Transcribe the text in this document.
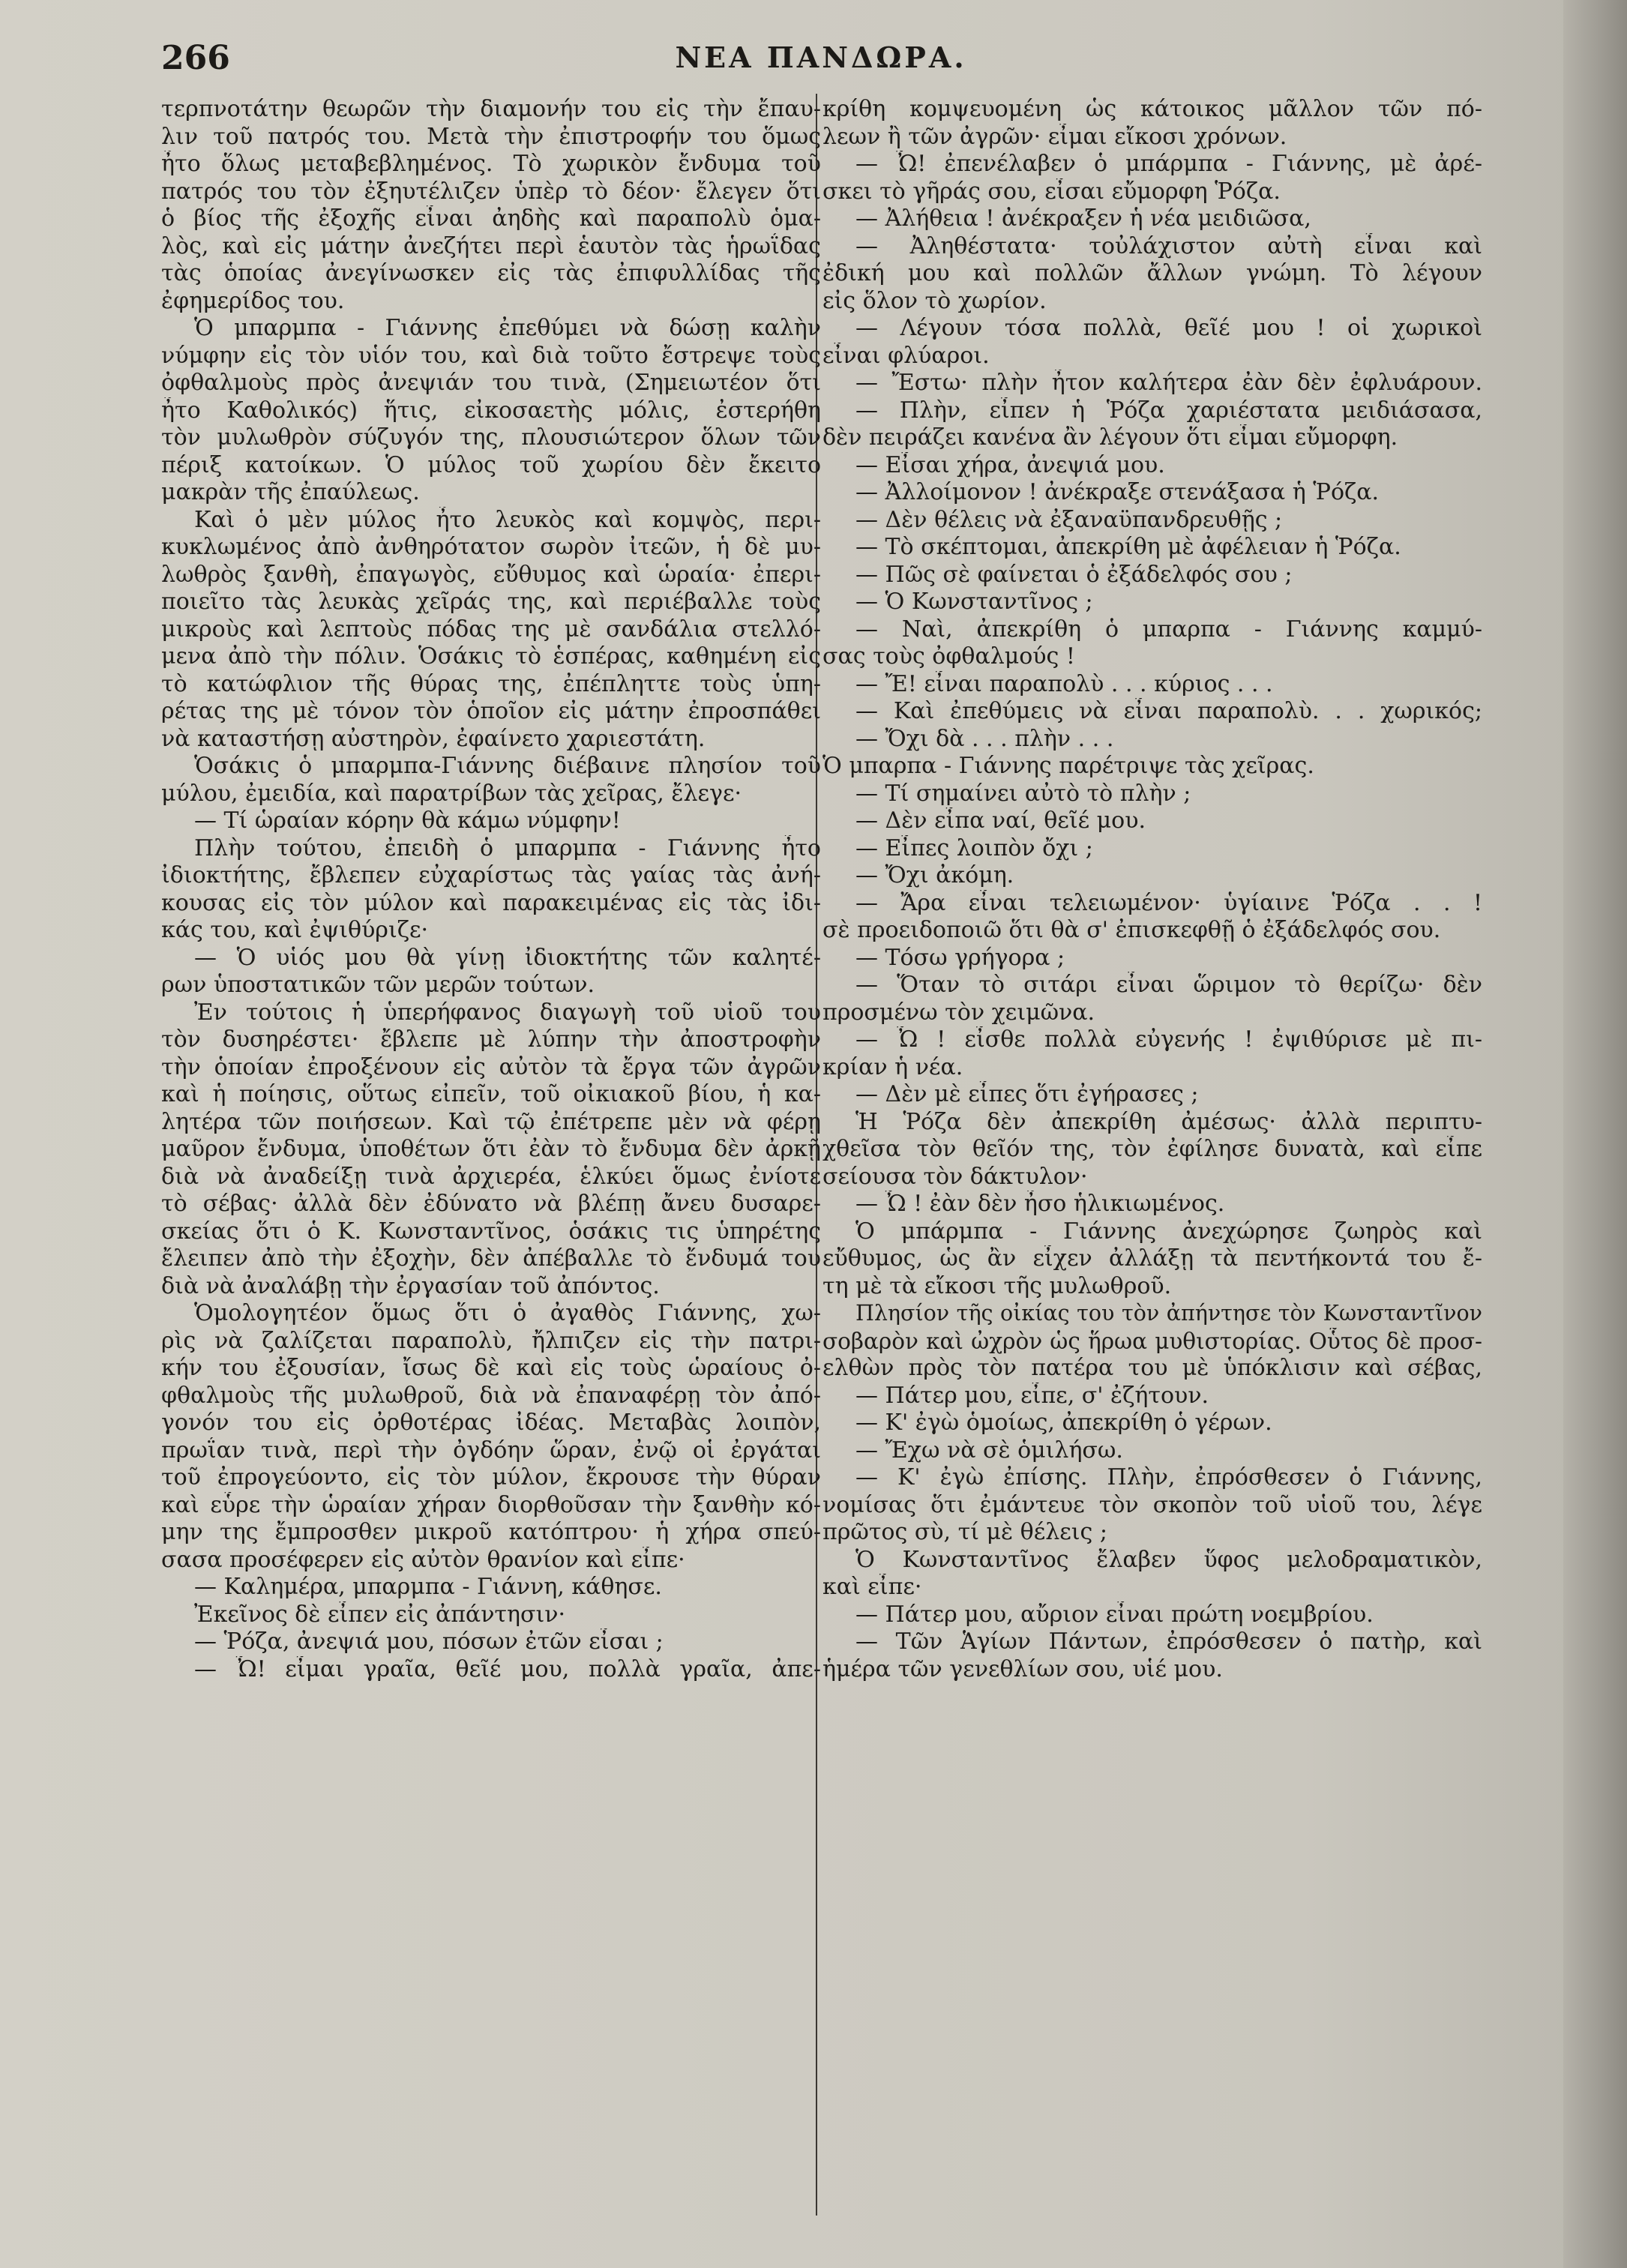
266	ΝΕΑ ΠΑΝΔΩΡΑ.
τερπνοτάτην θεωρῶν τὴν διαμονήν του εἰς τὴν ἔπαυ-
λιν τοῦ πατρός του. Μετὰ τὴν ἐπιστροφήν του ὅμως
ἦτο ὅλως μεταβεβλημένος. Τὸ χωρικὸν ἔνδυμα τοῦ
πατρός του τὸν ἐξηυτέλιζεν ὑπὲρ τὸ δέον· ἔλεγεν ὅτι
ὁ βίος τῆς ἐξοχῆς εἶναι ἀηδὴς καὶ παραπολὺ ὁμα-
λὸς, καὶ εἰς μάτην ἀνεζήτει περὶ ἑαυτὸν τὰς ἡρωΐδας
τὰς ὁποίας ἀνεγίνωσκεν εἰς τὰς ἐπιφυλλίδας τῆς
ἐφημερίδος του.
Ὁ μπαρμπα - Γιάννης ἐπεθύμει νὰ δώσῃ καλὴν
νύμφην εἰς τὸν υἱόν του, καὶ διὰ τοῦτο ἔστρεψε τοὺς
ὀφθαλμοὺς πρὸς ἀνεψιάν του τινὰ, (Σημειωτέον ὅτι
ἦτο Καθολικός) ἥτις, εἰκοσαετὴς μόλις, ἐστερήθη
τὸν μυλωθρὸν σύζυγόν της, πλουσιώτερον ὅλων τῶν
πέριξ κατοίκων. Ὁ μύλος τοῦ χωρίου δὲν ἔκειτο
μακρὰν τῆς ἐπαύλεως.
Καὶ ὁ μὲν μύλος ἦτο λευκὸς καὶ κομψὸς, περι-
κυκλωμένος ἀπὸ ἀνθηρότατον σωρὸν ἰτεῶν, ἡ δὲ μυ-
λωθρὸς ξανθὴ, ἐπαγωγὸς, εὔθυμος καὶ ὡραία· ἐπερι-
ποιεῖτο τὰς λευκὰς χεῖράς της, καὶ περιέβαλλε τοὺς
μικροὺς καὶ λεπτοὺς πόδας της μὲ σανδάλια στελλό-
μενα ἀπὸ τὴν πόλιν. Ὁσάκις τὸ ἑσπέρας, καθημένη εἰς
τὸ κατώφλιον τῆς θύρας της, ἐπέπληττε τοὺς ὑπη-
ρέτας της μὲ τόνον τὸν ὁποῖον εἰς μάτην ἐπροσπάθει
νὰ καταστήσῃ αὐστηρὸν, ἐφαίνετο χαριεστάτη.
Ὁσάκις ὁ μπαρμπα-Γιάννης διέβαινε πλησίον τοῦ
μύλου, ἐμειδία, καὶ παρατρίβων τὰς χεῖρας, ἔλεγε·
— Τί ὡραίαν κόρην θὰ κάμω νύμφην!
Πλὴν τούτου, ἐπειδὴ ὁ μπαρμπα - Γιάννης ἦτο
ἰδιοκτήτης, ἔβλεπεν εὐχαρίστως τὰς γαίας τὰς ἀνή-
κουσας εἰς τὸν μύλον καὶ παρακειμένας εἰς τὰς ἰδι-
κάς του, καὶ ἐψιθύριζε·
— Ὁ υἱός μου θὰ γίνῃ ἰδιοκτήτης τῶν καλητέ-
ρων ὑποστατικῶν τῶν μερῶν τούτων.
Ἐν τούτοις ἡ ὑπερήφανος διαγωγὴ τοῦ υἱοῦ του
τὸν δυσηρέστει· ἔβλεπε μὲ λύπην τὴν ἀποστροφὴν
τὴν ὁποίαν ἐπροξένουν εἰς αὐτὸν τὰ ἔργα τῶν ἀγρῶν
καὶ ἡ ποίησις, οὕτως εἰπεῖν, τοῦ οἰκιακοῦ βίου, ἡ κα-
λητέρα τῶν ποιήσεων. Καὶ τῷ ἐπέτρεπε μὲν νὰ φέρῃ
μαῦρον ἔνδυμα, ὑποθέτων ὅτι ἐὰν τὸ ἔνδυμα δὲν ἀρκῇ
διὰ νὰ ἀναδείξῃ τινὰ ἀρχιερέα, ἑλκύει ὅμως ἐνίοτε
τὸ σέβας· ἀλλὰ δὲν ἐδύνατο νὰ βλέπῃ ἄνευ δυσαρε-
σκείας ὅτι ὁ Κ. Κωνσταντῖνος, ὁσάκις τις ὑπηρέτης
ἔλειπεν ἀπὸ τὴν ἐξοχὴν, δὲν ἀπέβαλλε τὸ ἔνδυμά του
διὰ νὰ ἀναλάβῃ τὴν ἐργασίαν τοῦ ἀπόντος.
Ὁμολογητέον ὅμως ὅτι ὁ ἀγαθὸς Γιάννης, χω-
ρὶς νὰ ζαλίζεται παραπολὺ, ἤλπιζεν εἰς τὴν πατρι-
κήν του ἐξουσίαν, ἴσως δὲ καὶ εἰς τοὺς ὡραίους ὀ-
φθαλμοὺς τῆς μυλωθροῦ, διὰ νὰ ἐπαναφέρῃ τὸν ἀπό-
γονόν του εἰς ὀρθοτέρας ἰδέας. Μεταβὰς λοιπὸν,
πρωΐαν τινὰ, περὶ τὴν ὀγδόην ὥραν, ἐνῷ οἱ ἐργάται
τοῦ ἐπρογεύοντο, εἰς τὸν μύλον, ἔκρουσε τὴν θύραν
καὶ εὗρε τὴν ὡραίαν χήραν διορθοῦσαν τὴν ξανθὴν κό-
μην της ἔμπροσθεν μικροῦ κατόπτρου· ἡ χήρα σπεύ-
σασα προσέφερεν εἰς αὐτὸν θρανίον καὶ εἶπε·
— Καλημέρα, μπαρμπα - Γιάννη, κάθησε.
Ἐκεῖνος δὲ εἶπεν εἰς ἀπάντησιν·
— Ῥόζα, ἀνεψιά μου, πόσων ἐτῶν εἶσαι ;
— Ὦ! εἶμαι γραῖα, θεῖέ μου, πολλὰ γραῖα, ἀπε-
κρίθη κομψευομένη ὡς κάτοικος μᾶλλον τῶν πό-
λεων ἢ τῶν ἀγρῶν· εἶμαι εἴκοσι χρόνων.
— Ὦ! ἐπενέλαβεν ὁ μπάρμπα - Γιάννης, μὲ ἀρέ-
σκει τὸ γῆράς σου, εἶσαι εὔμορφη Ῥόζα.
— Ἀλήθεια ! ἀνέκραξεν ἡ νέα μειδιῶσα,
— Ἀληθέστατα· τοὐλάχιστον αὐτὴ εἶναι καὶ
ἐδική μου καὶ πολλῶν ἄλλων γνώμη. Τὸ λέγουν
εἰς ὅλον τὸ χωρίον.
— Λέγουν τόσα πολλὰ, θεῖέ μου ! οἱ χωρικοὶ
εἶναι φλύαροι.
— Ἔστω· πλὴν ἦτον καλήτερα ἐὰν δὲν ἐφλυάρουν.
— Πλὴν, εἶπεν ἡ Ῥόζα χαριέστατα μειδιάσασα,
δὲν πειράζει κανένα ἂν λέγουν ὅτι εἶμαι εὔμορφη.
— Εἶσαι χήρα, ἀνεψιά μου.
— Ἀλλοίμονον ! ἀνέκραξε στενάξασα ἡ Ῥόζα.
— Δὲν θέλεις νὰ ἐξαναϋπανδρευθῇς ;
— Τὸ σκέπτομαι, ἀπεκρίθη μὲ ἀφέλειαν ἡ Ῥόζα.
— Πῶς σὲ φαίνεται ὁ ἐξάδελφός σου ;
— Ὁ Κωνσταντῖνος ;
— Ναὶ, ἀπεκρίθη ὁ μπαρπα - Γιάννης καμμύ-
σας τοὺς ὀφθαλμούς !
— Ἔ! εἶναι παραπολὺ . . . κύριος . . .
— Καὶ ἐπεθύμεις νὰ εἶναι παραπολὺ. . . χωρικός;
— Ὄχι δὰ . . . πλὴν . . .
Ὁ μπαρπα - Γιάννης παρέτριψε τὰς χεῖρας.
— Τί σημαίνει αὐτὸ τὸ πλὴν ;
— Δὲν εἶπα ναί, θεῖέ μου.
— Εἶπες λοιπὸν ὄχι ;
— Ὄχι ἀκόμη.
— Ἄρα εἶναι τελειωμένον· ὑγίαινε Ῥόζα . . !
σὲ προειδοποιῶ ὅτι θὰ σ' ἐπισκεφθῇ ὁ ἐξάδελφός σου.
— Τόσω γρήγορα ;
— Ὅταν τὸ σιτάρι εἶναι ὥριμον τὸ θερίζω· δὲν
προσμένω τὸν χειμῶνα.
— Ὦ ! εἶσθε πολλὰ εὐγενής ! ἐψιθύρισε μὲ πι-
κρίαν ἡ νέα.
— Δὲν μὲ εἶπες ὅτι ἐγήρασες ;
Ἡ Ῥόζα δὲν ἀπεκρίθη ἀμέσως· ἀλλὰ περιπτυ-
χθεῖσα τὸν θεῖόν της, τὸν ἐφίλησε δυνατὰ, καὶ εἶπε
σείουσα τὸν δάκτυλον·
— Ὦ ! ἐὰν δὲν ἦσο ἡλικιωμένος.
Ὁ μπάρμπα - Γιάννης ἀνεχώρησε ζωηρὸς καὶ
εὔθυμος, ὡς ἂν εἶχεν ἀλλάξῃ τὰ πεντήκοντά του ἔ-
τη μὲ τὰ εἴκοσι τῆς μυλωθροῦ.
Πλησίον τῆς οἰκίας του τὸν ἀπήντησε τὸν Κωνσταντῖνον
σοβαρὸν καὶ ὠχρὸν ὡς ἥρωα μυθιστορίας. Οὗτος δὲ προσ-
ελθὼν πρὸς τὸν πατέρα του μὲ ὑπόκλισιν καὶ σέβας,
— Πάτερ μου, εἶπε, σ' ἐζήτουν.
— Κ' ἐγὼ ὁμοίως, ἀπεκρίθη ὁ γέρων.
— Ἔχω νὰ σὲ ὁμιλήσω.
— Κ' ἐγὼ ἐπίσης. Πλὴν, ἐπρόσθεσεν ὁ Γιάννης,
νομίσας ὅτι ἐμάντευε τὸν σκοπὸν τοῦ υἱοῦ του, λέγε
πρῶτος σὺ, τί μὲ θέλεις ;
Ὁ Κωνσταντῖνος ἔλαβεν ὕφος μελοδραματικὸν,
καὶ εἶπε·
— Πάτερ μου, αὔριον εἶναι πρώτη νοεμβρίου.
— Τῶν Ἁγίων Πάντων, ἐπρόσθεσεν ὁ πατὴρ, καὶ
ἡμέρα τῶν γενεθλίων σου, υἱέ μου.
